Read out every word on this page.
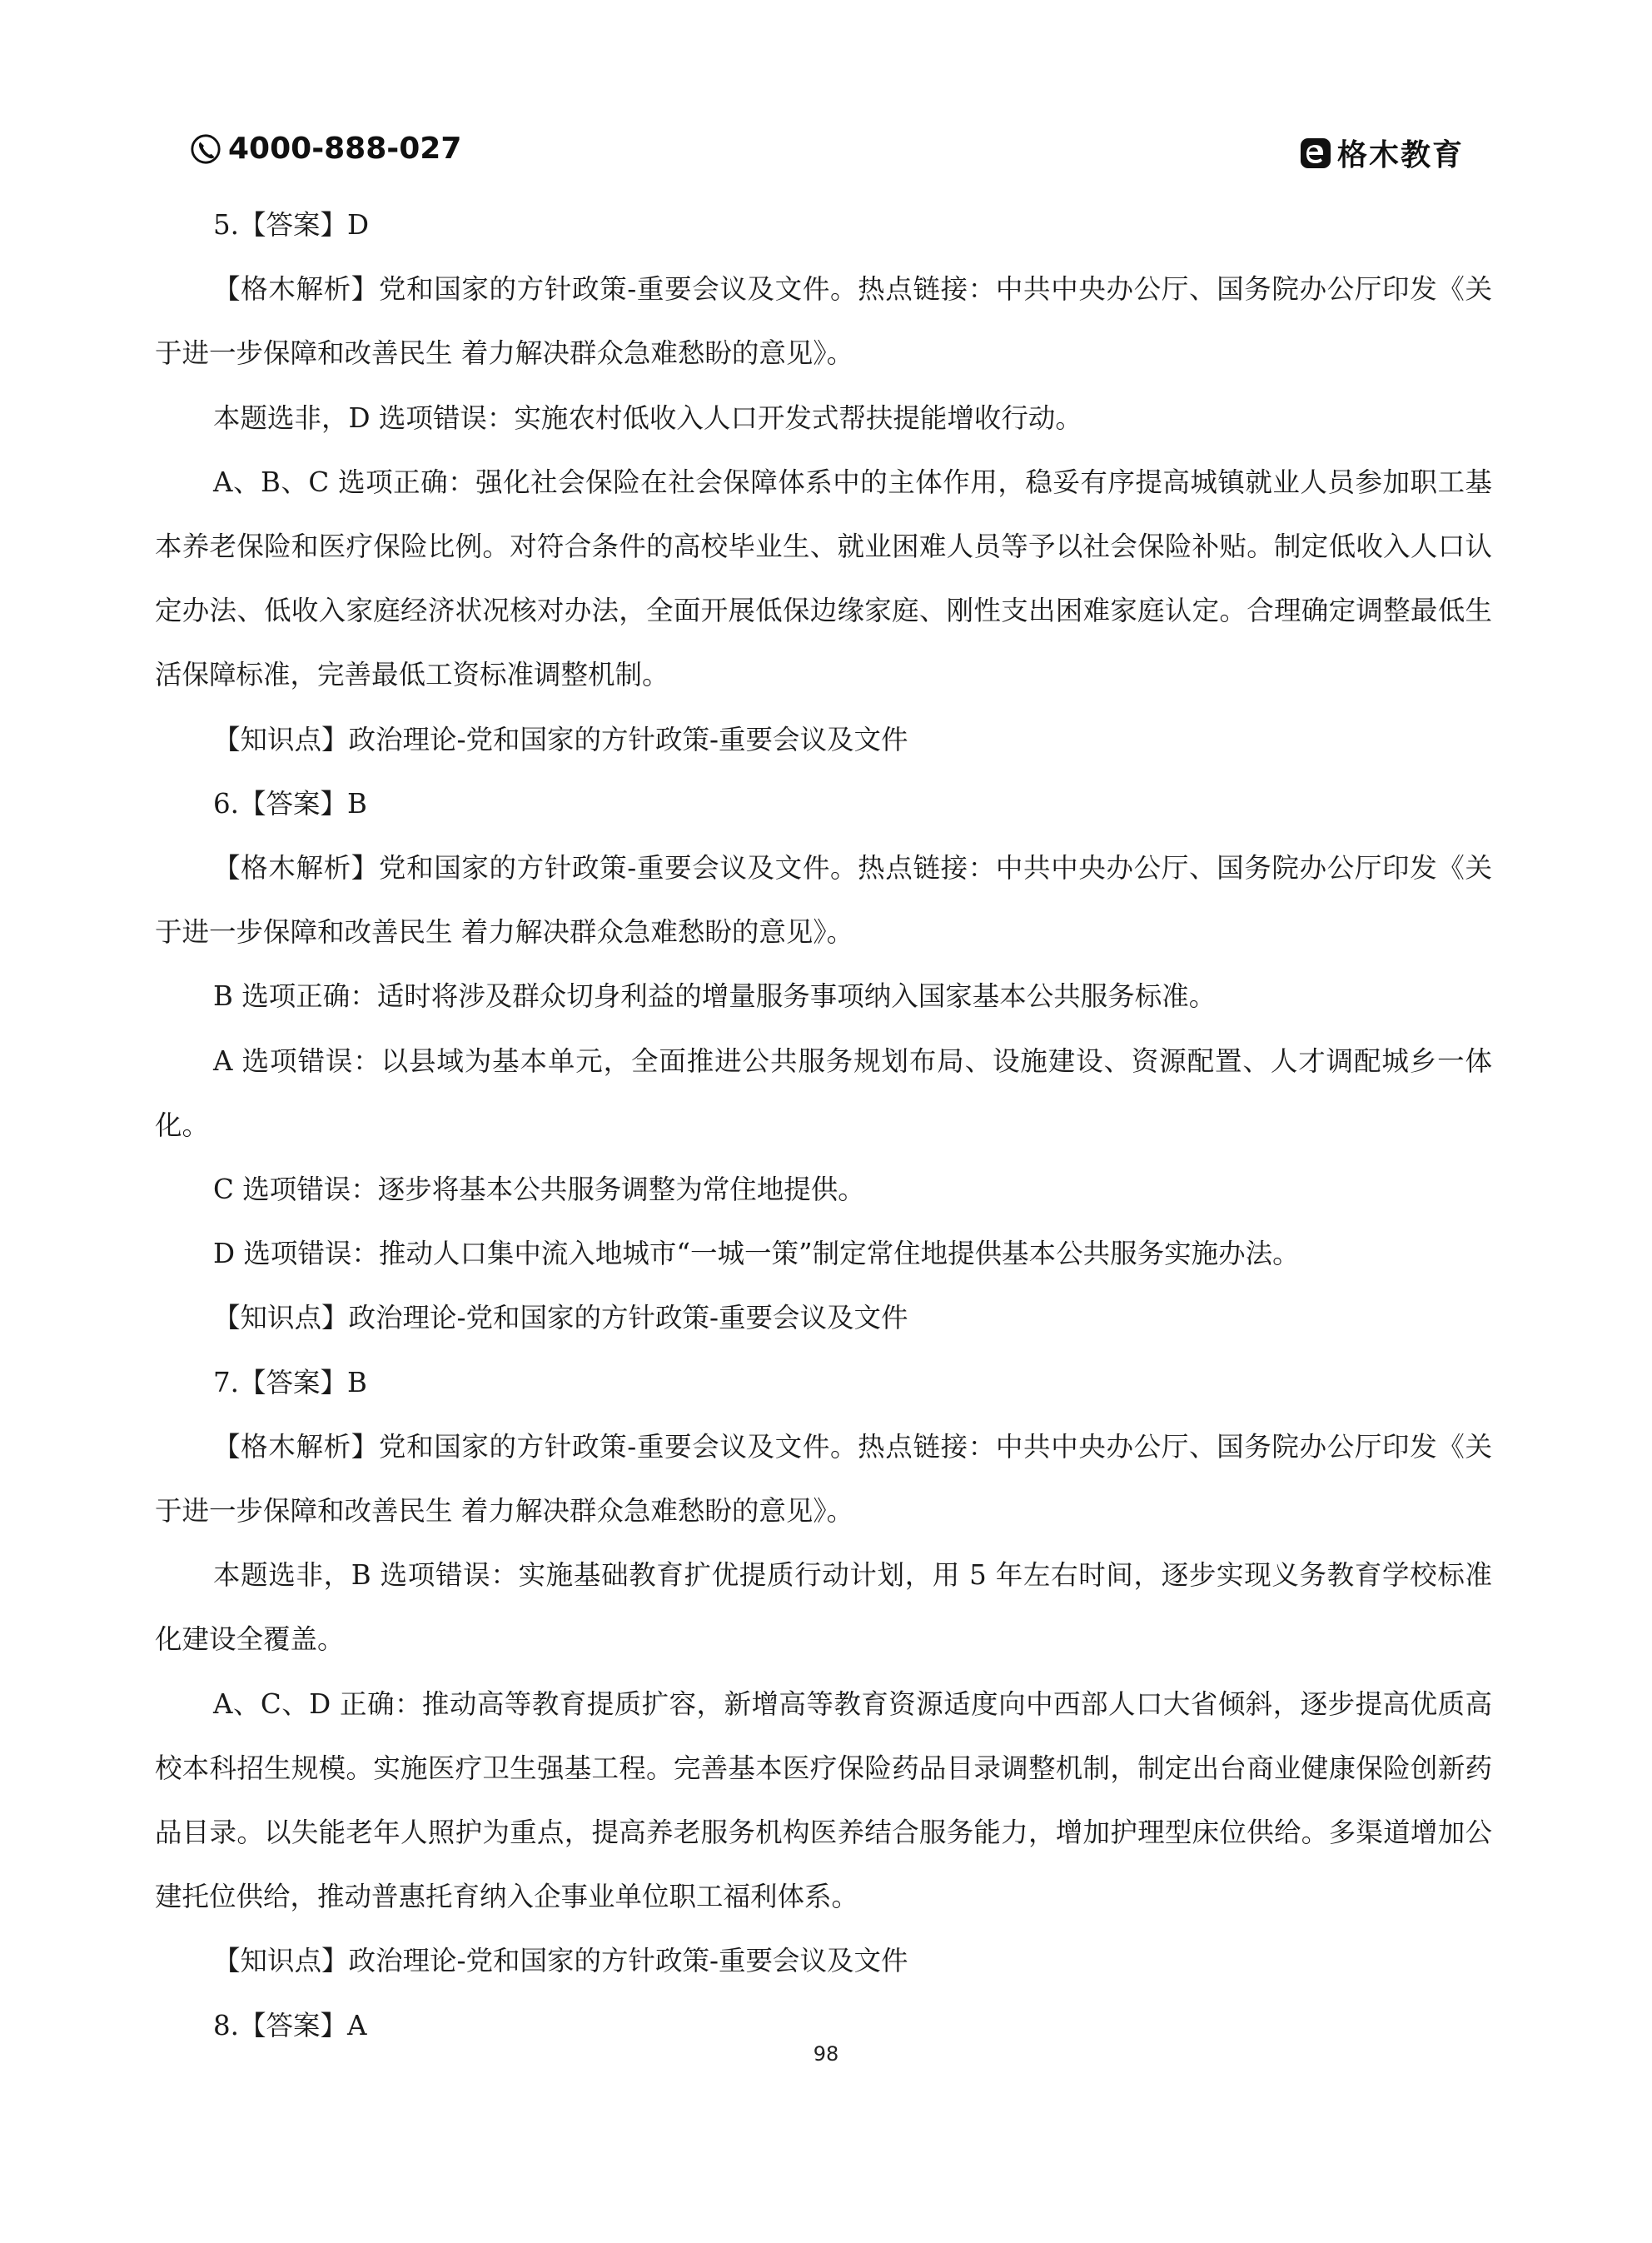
4000-888-027	格木教育

5.【答案】D

【格木解析】党和国家的方针政策-重要会议及文件。热点链接：中共中央办公厅、国务院办公厅印发《关于进一步保障和改善民生 着力解决群众急难愁盼的意见》。

本题选非，D 选项错误：实施农村低收入人口开发式帮扶提能增收行动。

A、B、C 选项正确：强化社会保险在社会保障体系中的主体作用，稳妥有序提高城镇就业人员参加职工基本养老保险和医疗保险比例。对符合条件的高校毕业生、就业困难人员等予以社会保险补贴。制定低收入人口认定办法、低收入家庭经济状况核对办法，全面开展低保边缘家庭、刚性支出困难家庭认定。合理确定调整最低生活保障标准，完善最低工资标准调整机制。

【知识点】政治理论-党和国家的方针政策-重要会议及文件

6.【答案】B

【格木解析】党和国家的方针政策-重要会议及文件。热点链接：中共中央办公厅、国务院办公厅印发《关于进一步保障和改善民生 着力解决群众急难愁盼的意见》。

B 选项正确：适时将涉及群众切身利益的增量服务事项纳入国家基本公共服务标准。

A 选项错误：以县域为基本单元，全面推进公共服务规划布局、设施建设、资源配置、人才调配城乡一体化。

C 选项错误：逐步将基本公共服务调整为常住地提供。

D 选项错误：推动人口集中流入地城市“一城一策”制定常住地提供基本公共服务实施办法。

【知识点】政治理论-党和国家的方针政策-重要会议及文件

7.【答案】B

【格木解析】党和国家的方针政策-重要会议及文件。热点链接：中共中央办公厅、国务院办公厅印发《关于进一步保障和改善民生 着力解决群众急难愁盼的意见》。

本题选非，B 选项错误：实施基础教育扩优提质行动计划，用 5 年左右时间，逐步实现义务教育学校标准化建设全覆盖。

A、C、D 正确：推动高等教育提质扩容，新增高等教育资源适度向中西部人口大省倾斜，逐步提高优质高校本科招生规模。实施医疗卫生强基工程。完善基本医疗保险药品目录调整机制，制定出台商业健康保险创新药品目录。以失能老年人照护为重点，提高养老服务机构医养结合服务能力，增加护理型床位供给。多渠道增加公建托位供给，推动普惠托育纳入企事业单位职工福利体系。

【知识点】政治理论-党和国家的方针政策-重要会议及文件

8.【答案】A

98
